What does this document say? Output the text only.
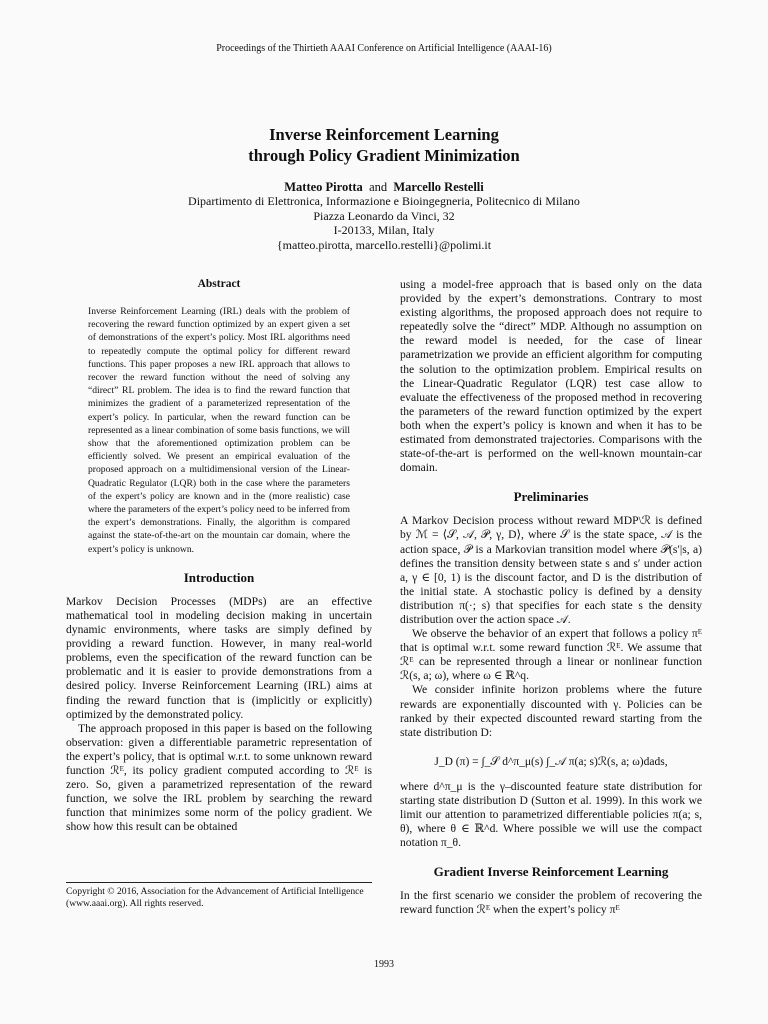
Proceedings of the Thirtieth AAAI Conference on Artificial Intelligence (AAAI-16)
Inverse Reinforcement Learning
through Policy Gradient Minimization
Matteo Pirotta and Marcello Restelli
Dipartimento di Elettronica, Informazione e Bioingegneria, Politecnico di Milano
Piazza Leonardo da Vinci, 32
I-20133, Milan, Italy
{matteo.pirotta, marcello.restelli}@polimi.it
Abstract
Inverse Reinforcement Learning (IRL) deals with the problem of recovering the reward function optimized by an expert given a set of demonstrations of the expert’s policy. Most IRL algorithms need to repeatedly compute the optimal policy for different reward functions. This paper proposes a new IRL approach that allows to recover the reward function without the need of solving any “direct” RL problem. The idea is to find the reward function that minimizes the gradient of a parameterized representation of the expert’s policy. In particular, when the reward function can be represented as a linear combination of some basis functions, we will show that the aforementioned optimization problem can be efficiently solved. We present an empirical evaluation of the proposed approach on a multidimensional version of the Linear-Quadratic Regulator (LQR) both in the case where the parameters of the expert’s policy are known and in the (more realistic) case where the parameters of the expert’s policy need to be inferred from the expert’s demonstrations. Finally, the algorithm is compared against the state-of-the-art on the mountain car domain, where the expert’s policy is unknown.
Introduction

Markov Decision Processes (MDPs) are an effective mathematical tool in modeling decision making in uncertain dynamic environments, where tasks are simply defined by providing a reward function. However, in many real-world problems, even the specification of the reward function can be problematic and it is easier to provide demonstrations from a desired policy. Inverse Reinforcement Learning (IRL) aims at finding the reward function that is (implicitly or explicitly) optimized by the demonstrated policy.

The approach proposed in this paper is based on the following observation: given a differentiable parametric representation of the expert’s policy, that is optimal w.r.t. to some unknown reward function ℛᴱ, its policy gradient computed according to ℛᴱ is zero. So, given a parametrized representation of the reward function, we solve the IRL problem by searching the reward function that minimizes some norm of the policy gradient. We show how this result can be obtained

using a model-free approach that is based only on the data provided by the expert’s demonstrations. Contrary to most existing algorithms, the proposed approach does not require to repeatedly solve the “direct” MDP. Although no assumption on the reward model is needed, for the case of linear parametrization we provide an efficient algorithm for computing the solution to the optimization problem. Empirical results on the Linear-Quadratic Regulator (LQR) test case allow to evaluate the effectiveness of the proposed method in recovering the parameters of the reward function optimized by the expert both when the expert’s policy is known and when it has to be estimated from demonstrated trajectories. Comparisons with the state-of-the-art is performed on the well-known mountain-car domain.

Preliminaries

A Markov Decision process without reward MDP\ℛ is defined by ℳ = ⟨𝒮, 𝒜, 𝒫, γ, D⟩, where 𝒮 is the state space, 𝒜 is the action space, 𝒫 is a Markovian transition model where 𝒫(s′|s, a) defines the transition density between state s and s′ under action a, γ ∈ [0, 1) is the discount factor, and D is the distribution of the initial state. A stochastic policy is defined by a density distribution π(·; s) that specifies for each state s the density distribution over the action space 𝒜.

We observe the behavior of an expert that follows a policy πᴱ that is optimal w.r.t. some reward function ℛᴱ. We assume that ℛᴱ can be represented through a linear or nonlinear function ℛ(s, a; ω), where ω ∈ ℝ^q.

We consider infinite horizon problems where the future rewards are exponentially discounted with γ. Policies can be ranked by their expected discounted reward starting from the state distribution D:

J_D (π) = ∫_𝒮 d^π_μ(s) ∫_𝒜 π(a; s)ℛ(s, a; ω)dads,

where d^π_μ is the γ–discounted feature state distribution for starting state distribution D (Sutton et al. 1999). In this work we limit our attention to parametrized differentiable policies π(a; s, θ), where θ ∈ ℝ^d. Where possible we will use the compact notation π_θ.

Gradient Inverse Reinforcement Learning

In the first scenario we consider the problem of recovering the reward function ℛᴱ when the expert’s policy πᴱ

Copyright © 2016, Association for the Advancement of Artificial Intelligence (www.aaai.org). All rights reserved.
1993
